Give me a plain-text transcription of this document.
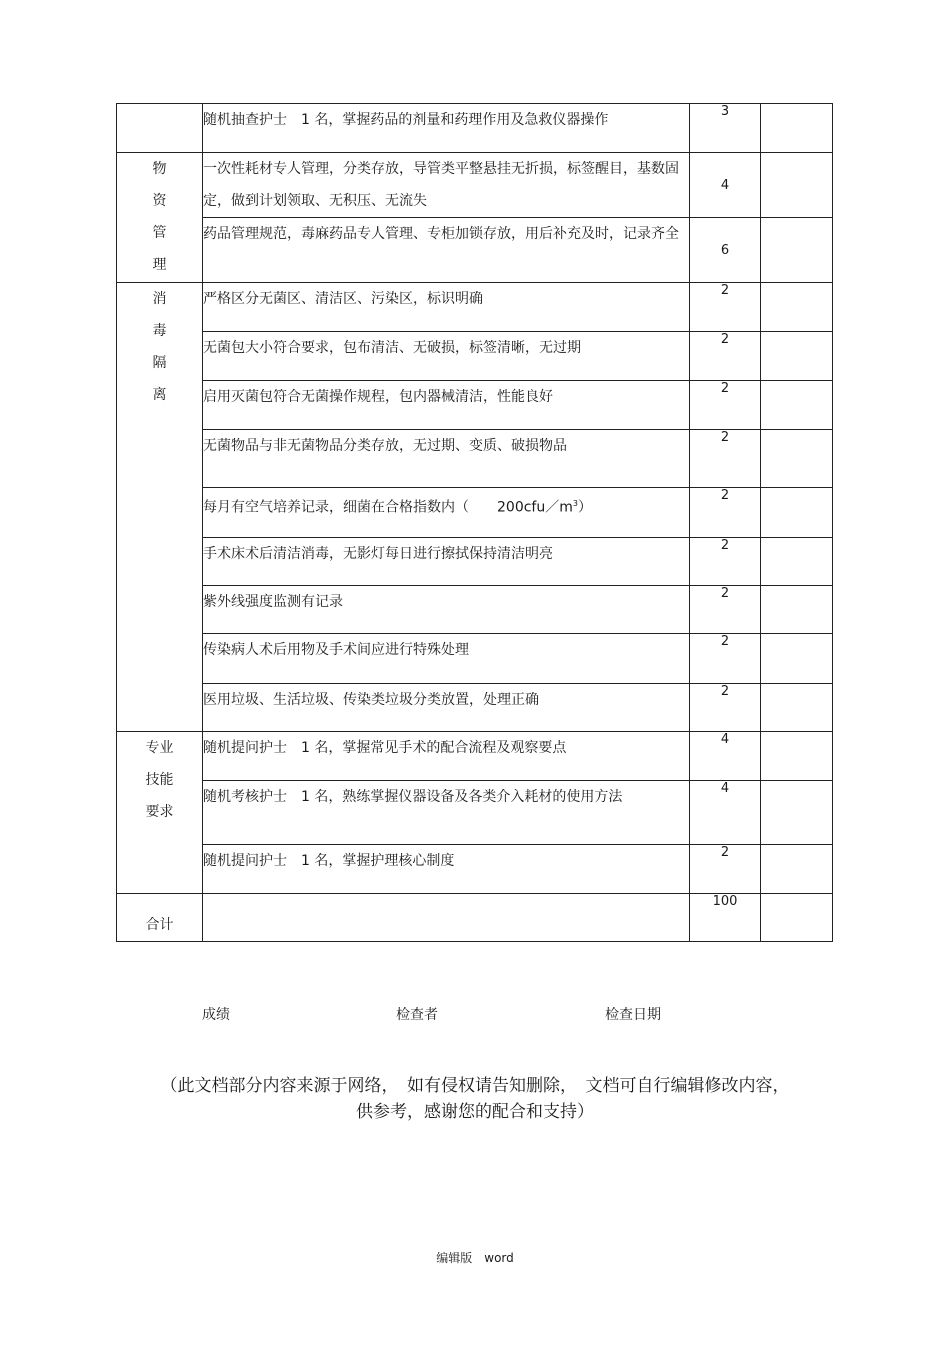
	随机抽查护士　1 名，掌握药品的剂量和药理作用及急救仪器操作	3	

物
资
管
理	一次性耗材专人管理，分类存放，导管类平整悬挂无折损，标签醒目，基数固定，做到计划领取、无积压、无流失	4	
	药品管理规范，毒麻药品专人管理、专柜加锁存放，用后补充及时，记录齐全	6	

消
毒
隔
离	严格区分无菌区、清洁区、污染区，标识明确	2	
	无菌包大小符合要求，包布清洁、无破损，标签清晰，无过期	2	
	启用灭菌包符合无菌操作规程，包内器械清洁，性能良好	2	
	无菌物品与非无菌物品分类存放，无过期、变质、破损物品	2	
	每月有空气培养记录，细菌在合格指数内（　　$200cfu/m^3$）	2	
	手术床术后清洁消毒，无影灯每日进行擦拭保持清洁明亮	2	
	紫外线强度监测有记录	2	
	传染病人术后用物及手术间应进行特殊处理	2	
	医用垃圾、生活垃圾、传染类垃圾分类放置，处理正确	2	

专业
技能
要求	随机提问护士　1 名，掌握常见手术的配合流程及观察要点	4	
	随机考核护士　1 名，熟练掌握仪器设备及各类介入耗材的使用方法	4	
	随机提问护士　1 名，掌握护理核心制度	2	
合计		100	
成绩	检查者	检查日期
（此文档部分内容来源于网络，　如有侵权请告知删除，　文档可自行编辑修改内容，
供参考，感谢您的配合和支持）
编辑版　word
